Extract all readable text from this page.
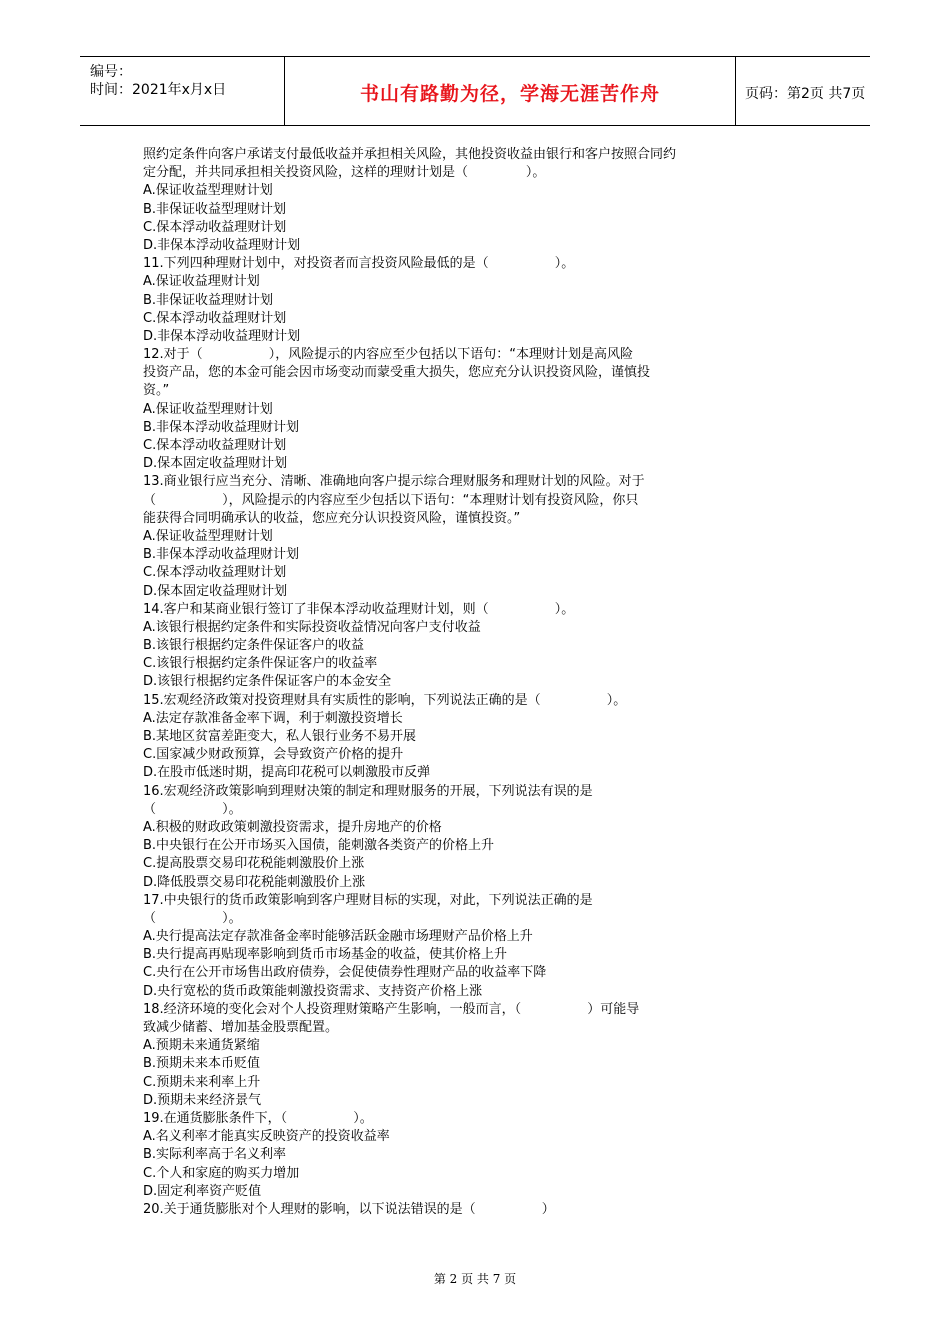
编号：
时间：2021年x月x日	书山有路勤为径，学海无涯苦作舟	页码：第2页 共7页
照约定条件向客户承诺支付最低收益并承担相关风险，其他投资收益由银行和客户按照合同约
定分配，并共同承担相关投资风险，这样的理财计划是（              ）。
A.保证收益型理财计划
B.非保证收益型理财计划
C.保本浮动收益理财计划
D.非保本浮动收益理财计划
11.下列四种理财计划中，对投资者而言投资风险最低的是（                ）。
A.保证收益理财计划
B.非保证收益理财计划
C.保本浮动收益理财计划
D.非保本浮动收益理财计划
12.对于（                ），风险提示的内容应至少包括以下语句：“本理财计划是高风险
投资产品，您的本金可能会因市场变动而蒙受重大损失，您应充分认识投资风险，谨慎投
资。”
A.保证收益型理财计划
B.非保本浮动收益理财计划
C.保本浮动收益理财计划
D.保本固定收益理财计划
13.商业银行应当充分、清晰、准确地向客户提示综合理财服务和理财计划的风险。对于
（                ），风险提示的内容应至少包括以下语句：“本理财计划有投资风险，你只
能获得合同明确承认的收益，您应充分认识投资风险，谨慎投资。”
A.保证收益型理财计划
B.非保本浮动收益理财计划
C.保本浮动收益理财计划
D.保本固定收益理财计划
14.客户和某商业银行签订了非保本浮动收益理财计划，则（                ）。
A.该银行根据约定条件和实际投资收益情况向客户支付收益
B.该银行根据约定条件保证客户的收益
C.该银行根据约定条件保证客户的收益率
D.该银行根据约定条件保证客户的本金安全
15.宏观经济政策对投资理财具有实质性的影响，下列说法正确的是（                ）。
A.法定存款准备金率下调，利于刺激投资增长
B.某地区贫富差距变大，私人银行业务不易开展
C.国家减少财政预算，会导致资产价格的提升
D.在股市低迷时期，提高印花税可以刺激股市反弹
16.宏观经济政策影响到理财决策的制定和理财服务的开展，下列说法有误的是
（                ）。
A.积极的财政政策刺激投资需求，提升房地产的价格
B.中央银行在公开市场买入国债，能刺激各类资产的价格上升
C.提高股票交易印花税能刺激股价上涨
D.降低股票交易印花税能刺激股价上涨
17.中央银行的货币政策影响到客户理财目标的实现，对此，下列说法正确的是
（                ）。
A.央行提高法定存款准备金率时能够活跃金融市场理财产品价格上升
B.央行提高再贴现率影响到货币市场基金的收益，使其价格上升
C.央行在公开市场售出政府债券，会促使债券性理财产品的收益率下降
D.央行宽松的货币政策能刺激投资需求、支持资产价格上涨
18.经济环境的变化会对个人投资理财策略产生影响，一般而言，（                ）可能导
致减少储蓄、增加基金股票配置。
A.预期未来通货紧缩
B.预期未来本币贬值
C.预期未来利率上升
D.预期未来经济景气
19.在通货膨胀条件下，（                ）。
A.名义利率才能真实反映资产的投资收益率
B.实际利率高于名义利率
C.个人和家庭的购买力增加
D.固定利率资产贬值
20.关于通货膨胀对个人理财的影响，以下说法错误的是（                ）
第 2 页 共 7 页
